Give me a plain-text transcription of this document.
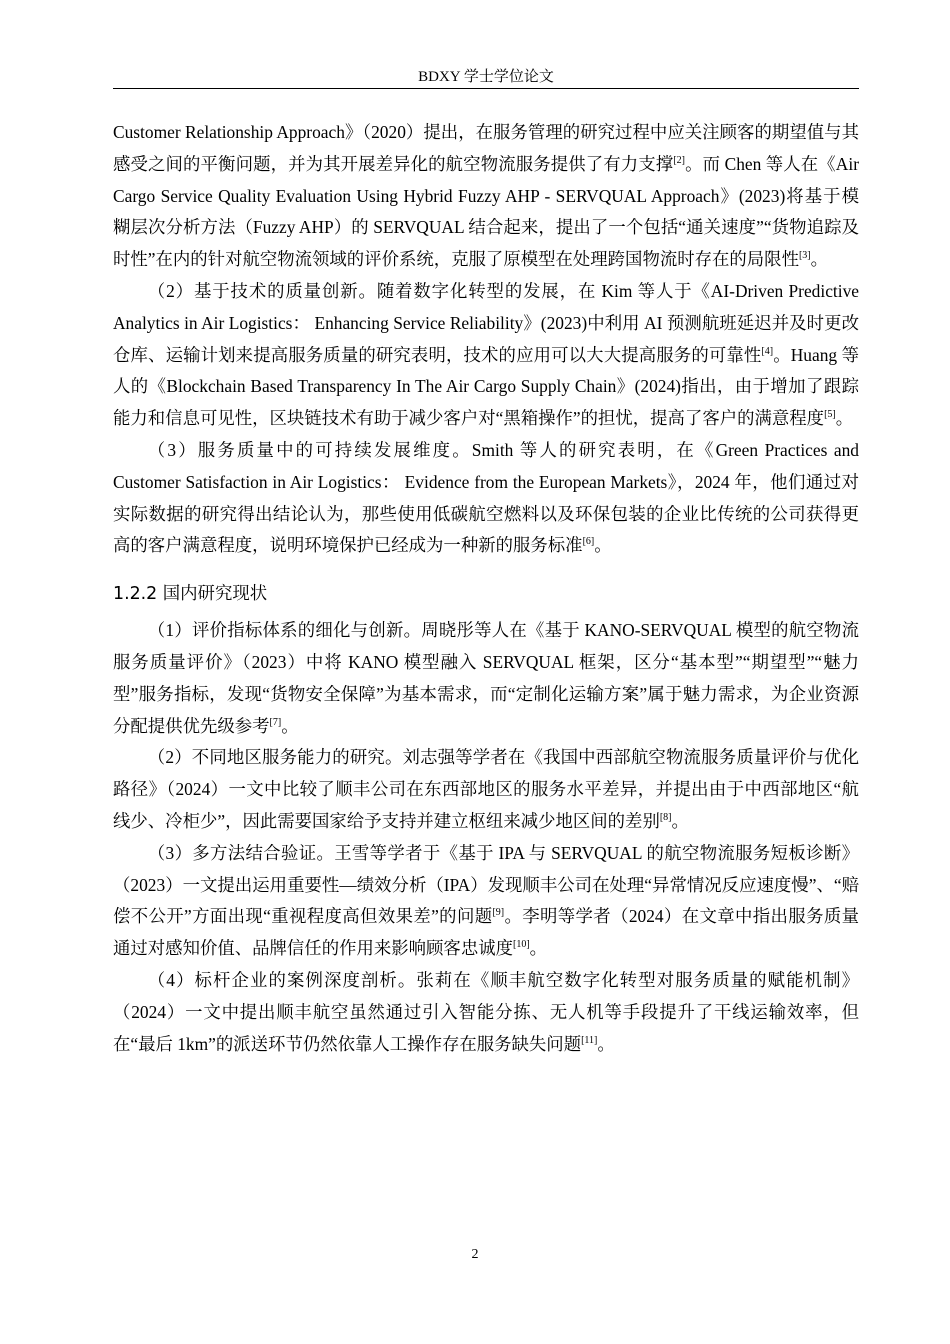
BDXY 学士学位论文

Customer Relationship Approach》（2020）提出，在服务管理的研究过程中应关注顾客的期望值与其感受之间的平衡问题，并为其开展差异化的航空物流服务提供了有力支撑[2]。而 Chen 等人在《Air Cargo Service Quality Evaluation Using Hybrid Fuzzy AHP - SERVQUAL Approach》(2023)将基于模糊层次分析方法（Fuzzy AHP）的 SERVQUAL 结合起来，提出了一个包括“通关速度”“货物追踪及时性”在内的针对航空物流领域的评价系统，克服了原模型在处理跨国物流时存在的局限性[3]。

（2）基于技术的质量创新。随着数字化转型的发展，在 Kim 等人于《AI-Driven Predictive Analytics in Air Logistics： Enhancing Service Reliability》(2023)中利用 AI 预测航班延迟并及时更改仓库、运输计划来提高服务质量的研究表明，技术的应用可以大大提高服务的可靠性[4]。Huang 等人的《Blockchain Based Transparency In The Air Cargo Supply Chain》(2024)指出，由于增加了跟踪能力和信息可见性，区块链技术有助于减少客户对“黑箱操作”的担忧，提高了客户的满意程度[5]。

（3）服务质量中的可持续发展维度。Smith 等人的研究表明，在《Green Practices and Customer Satisfaction in Air Logistics： Evidence from the European Markets》，2024 年，他们通过对实际数据的研究得出结论认为，那些使用低碳航空燃料以及环保包装的企业比传统的公司获得更高的客户满意程度，说明环境保护已经成为一种新的服务标准[6]。

1.2.2 国内研究现状

（1）评价指标体系的细化与创新。周晓彤等人在《基于 KANO-SERVQUAL 模型的航空物流服务质量评价》（2023）中将 KANO 模型融入 SERVQUAL 框架，区分“基本型”“期望型”“魅力型”服务指标，发现“货物安全保障”为基本需求，而“定制化运输方案”属于魅力需求，为企业资源分配提供优先级参考[7]。

（2）不同地区服务能力的研究。刘志强等学者在《我国中西部航空物流服务质量评价与优化路径》（2024）一文中比较了顺丰公司在东西部地区的服务水平差异，并提出由于中西部地区“航线少、冷柜少”，因此需要国家给予支持并建立枢纽来减少地区间的差别[8]。

（3）多方法结合验证。王雪等学者于《基于 IPA 与 SERVQUAL 的航空物流服务短板诊断》（2023）一文提出运用重要性—绩效分析（IPA）发现顺丰公司在处理“异常情况反应速度慢”、“赔偿不公开”方面出现“重视程度高但效果差”的问题[9]。李明等学者（2024）在文章中指出服务质量通过对感知价值、品牌信任的作用来影响顾客忠诚度[10]。

（4）标杆企业的案例深度剖析。张莉在《顺丰航空数字化转型对服务质量的赋能机制》（2024）一文中提出顺丰航空虽然通过引入智能分拣、无人机等手段提升了干线运输效率，但在“最后 1km”的派送环节仍然依靠人工操作存在服务缺失问题[11]。

2
